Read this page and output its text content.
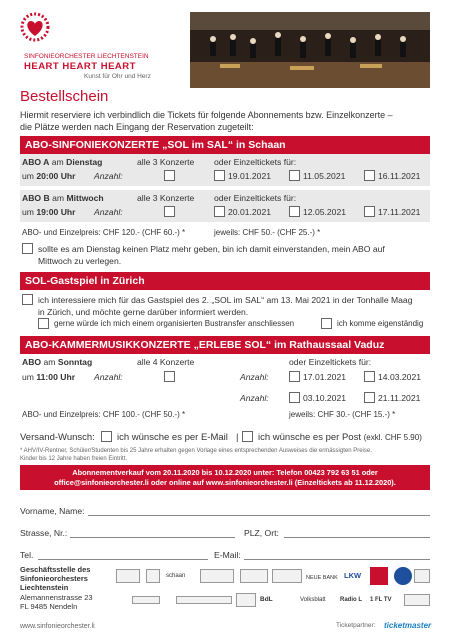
SINFONIEORCHESTER LIECHTENSTEIN
HEART HEART HEART
Kunst für Ohr und Herz
Bestellschein
Hiermit reserviere ich verbindlich die Tickets für folgende Abonnements bzw. Einzelkonzerte –
die Plätze werden nach Eingang der Reservation zugeteilt:
ABO-SINFONIEKONZERTE „SOL im SAL“ in Schaan
ABO A am Dienstag
um 20:00 Uhr Anzahl:
alle 3 Konzerte oder Einzeltickets für:
19.01.2021	11.05.2021	16.11.2021
ABO B am Mittwoch
um 19:00 Uhr Anzahl:
alle 3 Konzerte oder Einzeltickets für:
20.01.2021	12.05.2021	17.11.2021
ABO- und Einzelpreis: CHF 120.- (CHF 60.-) *	jeweils: CHF 50.- (CHF 25.-) *
sollte es am Dienstag keinen Platz mehr geben, bin ich damit einverstanden, mein ABO auf
Mittwoch zu verlegen.
SOL-Gastspiel in Zürich
ich interessiere mich für das Gastspiel des 2. „SOL im SAL“ am 13. Mai 2021 in der Tonhalle Maag
in Zürich, und möchte gerne darüber informiert werden.
gerne würde ich mich einem organisierten Bustransfer anschliessen	ich komme eigenständig
ABO-KAMMERMUSIKKONZERTE „ERLEBE SOL“ im Rathaussaal Vaduz
ABO am Sonntag
um 11:00 Uhr Anzahl:
alle 4 Konzerte	oder Einzeltickets für:
Anzahl:	17.01.2021	14.03.2021
Anzahl:	03.10.2021	21.11.2021
ABO- und Einzelpreis: CHF 100.- (CHF 50.-) *	jeweils: CHF 30.- (CHF 15.-) *
Versand-Wunsch: ich wünsche es per E-Mail | ich wünsche es per Post (exkl. CHF 5.90)
* AHV/IV-Rentner, Schüler/Studenten bis 25 Jahre erhalten gegen Vorlage eines entsprechenden Ausweises die ermässigten Preise.
Kinder bis 12 Jahre haben freien Eintritt.
Abonnementverkauf vom 20.11.2020 bis 10.12.2020 unter: Telefon 00423 792 63 51 oder
office@sinfonieorchester.li oder online auf www.sinfonieorchester.li (Einzeltickets ab 11.12.2020).
Vorname, Name:
Strasse, Nr.:	PLZ, Ort:
Tel.	E-Mail:
Geschäftsstelle des
Sinfonieorchesters
Liechtenstein
Alemannenstrasse 23
FL 9485 Nendeln
schaan	NEUE BANK LKW
BdL	Volksblatt Radio L 1 FL TV
www.sinfonieorchester.li	Ticketpartner: ticketmaster
